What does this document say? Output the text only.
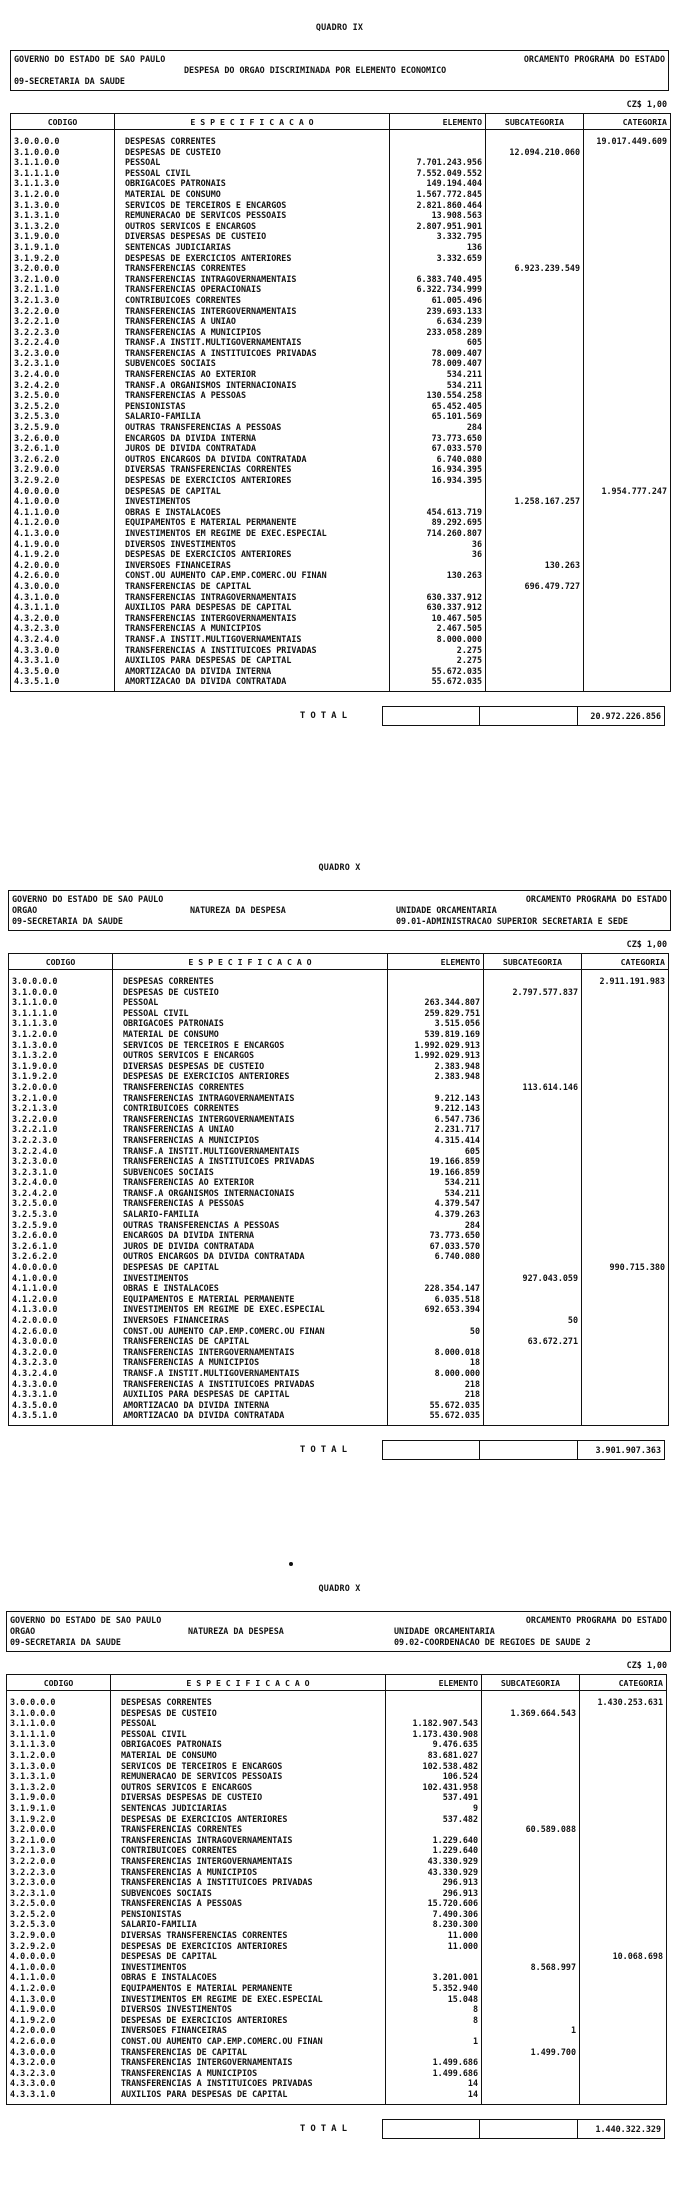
QUADRO IX
GOVERNO DO ESTADO DE SAO PAULO	ORCAMENTO PROGRAMA DO ESTADO
DESPESA DO ORGAO DISCRIMINADA POR ELEMENTO ECONOMICO
09-SECRETARIA DA SAUDE
CZ$ 1,00
CODIGO	E S P E C I F I C A C A O	ELEMENTO	SUBCATEGORIA	CATEGORIA
3.0.0.0.0	DESPESAS CORRENTES			19.017.449.609
3.1.0.0.0	DESPESAS DE CUSTEIO		12.094.210.060	
3.1.1.0.0	PESSOAL	7.701.243.956		
3.1.1.1.0	PESSOAL CIVIL	7.552.049.552		
3.1.1.3.0	OBRIGACOES PATRONAIS	149.194.404		
3.1.2.0.0	MATERIAL DE CONSUMO	1.567.772.845		
3.1.3.0.0	SERVICOS DE TERCEIROS E ENCARGOS	2.821.860.464		
3.1.3.1.0	REMUNERACAO DE SERVICOS PESSOAIS	13.908.563		
3.1.3.2.0	OUTROS SERVICOS E ENCARGOS	2.807.951.901		
3.1.9.0.0	DIVERSAS DESPESAS DE CUSTEIO	3.332.795		
3.1.9.1.0	SENTENCAS JUDICIARIAS	136		
3.1.9.2.0	DESPESAS DE EXERCICIOS ANTERIORES	3.332.659		
3.2.0.0.0	TRANSFERENCIAS CORRENTES		6.923.239.549	
3.2.1.0.0	TRANSFERENCIAS INTRAGOVERNAMENTAIS	6.383.740.495		
3.2.1.1.0	TRANSFERENCIAS OPERACIONAIS	6.322.734.999		
3.2.1.3.0	CONTRIBUICOES CORRENTES	61.005.496		
3.2.2.0.0	TRANSFERENCIAS INTERGOVERNAMENTAIS	239.693.133		
3.2.2.1.0	TRANSFERENCIAS A UNIAO	6.634.239		
3.2.2.3.0	TRANSFERENCIAS A MUNICIPIOS	233.058.289		
3.2.2.4.0	TRANSF.A INSTIT.MULTIGOVERNAMENTAIS	605		
3.2.3.0.0	TRANSFERENCIAS A INSTITUICOES PRIVADAS	78.009.407		
3.2.3.1.0	SUBVENCOES SOCIAIS	78.009.407		
3.2.4.0.0	TRANSFERENCIAS AO EXTERIOR	534.211		
3.2.4.2.0	TRANSF.A ORGANISMOS INTERNACIONAIS	534.211		
3.2.5.0.0	TRANSFERENCIAS A PESSOAS	130.554.258		
3.2.5.2.0	PENSIONISTAS	65.452.405		
3.2.5.3.0	SALARIO-FAMILIA	65.101.569		
3.2.5.9.0	OUTRAS TRANSFERENCIAS A PESSOAS	284		
3.2.6.0.0	ENCARGOS DA DIVIDA INTERNA	73.773.650		
3.2.6.1.0	JUROS DE DIVIDA CONTRATADA	67.033.570		
3.2.6.2.0	OUTROS ENCARGOS DA DIVIDA CONTRATADA	6.740.080		
3.2.9.0.0	DIVERSAS TRANSFERENCIAS CORRENTES	16.934.395		
3.2.9.2.0	DESPESAS DE EXERCICIOS ANTERIORES	16.934.395		
4.0.0.0.0	DESPESAS DE CAPITAL			1.954.777.247
4.1.0.0.0	INVESTIMENTOS		1.258.167.257	
4.1.1.0.0	OBRAS E INSTALACOES	454.613.719		
4.1.2.0.0	EQUIPAMENTOS E MATERIAL PERMANENTE	89.292.695		
4.1.3.0.0	INVESTIMENTOS EM REGIME DE EXEC.ESPECIAL	714.260.807		
4.1.9.0.0	DIVERSOS INVESTIMENTOS	36		
4.1.9.2.0	DESPESAS DE EXERCICIOS ANTERIORES	36		
4.2.0.0.0	INVERSOES FINANCEIRAS		130.263	
4.2.6.0.0	CONST.OU AUMENTO CAP.EMP.COMERC.OU FINAN	130.263		
4.3.0.0.0	TRANSFERENCIAS DE CAPITAL		696.479.727	
4.3.1.0.0	TRANSFERENCIAS INTRAGOVERNAMENTAIS	630.337.912		
4.3.1.1.0	AUXILIOS PARA DESPESAS DE CAPITAL	630.337.912		
4.3.2.0.0	TRANSFERENCIAS INTERGOVERNAMENTAIS	10.467.505		
4.3.2.3.0	TRANSFERENCIAS A MUNICIPIOS	2.467.505		
4.3.2.4.0	TRANSF.A INSTIT.MULTIGOVERNAMENTAIS	8.000.000		
4.3.3.0.0	TRANSFERENCIAS A INSTITUICOES PRIVADAS	2.275		
4.3.3.1.0	AUXILIOS PARA DESPESAS DE CAPITAL	2.275		
4.3.5.0.0	AMORTIZACAO DA DIVIDA INTERNA	55.672.035		
4.3.5.1.0	AMORTIZACAO DA DIVIDA CONTRATADA	55.672.035		
TOTAL	20.972.226.856
QUADRO X
GOVERNO DO ESTADO DE SAO PAULO	ORCAMENTO PROGRAMA DO ESTADO
ORGAO	NATUREZA DA DESPESA	UNIDADE ORCAMENTARIA
09-SECRETARIA DA SAUDE	09.01-ADMINISTRACAO SUPERIOR SECRETARIA E SEDE
CZ$ 1,00
CODIGO	E S P E C I F I C A C A O	ELEMENTO	SUBCATEGORIA	CATEGORIA
3.0.0.0.0	DESPESAS CORRENTES			2.911.191.983
3.1.0.0.0	DESPESAS DE CUSTEIO		2.797.577.837	
3.1.1.0.0	PESSOAL	263.344.807		
3.1.1.1.0	PESSOAL CIVIL	259.829.751		
3.1.1.3.0	OBRIGACOES PATRONAIS	3.515.056		
3.1.2.0.0	MATERIAL DE CONSUMO	539.819.169		
3.1.3.0.0	SERVICOS DE TERCEIROS E ENCARGOS	1.992.029.913		
3.1.3.2.0	OUTROS SERVICOS E ENCARGOS	1.992.029.913		
3.1.9.0.0	DIVERSAS DESPESAS DE CUSTEIO	2.383.948		
3.1.9.2.0	DESPESAS DE EXERCICIOS ANTERIORES	2.383.948		
3.2.0.0.0	TRANSFERENCIAS CORRENTES		113.614.146	
3.2.1.0.0	TRANSFERENCIAS INTRAGOVERNAMENTAIS	9.212.143		
3.2.1.3.0	CONTRIBUICOES CORRENTES	9.212.143		
3.2.2.0.0	TRANSFERENCIAS INTERGOVERNAMENTAIS	6.547.736		
3.2.2.1.0	TRANSFERENCIAS A UNIAO	2.231.717		
3.2.2.3.0	TRANSFERENCIAS A MUNICIPIOS	4.315.414		
3.2.2.4.0	TRANSF.A INSTIT.MULTIGOVERNAMENTAIS	605		
3.2.3.0.0	TRANSFERENCIAS A INSTITUICOES PRIVADAS	19.166.859		
3.2.3.1.0	SUBVENCOES SOCIAIS	19.166.859		
3.2.4.0.0	TRANSFERENCIAS AO EXTERIOR	534.211		
3.2.4.2.0	TRANSF.A ORGANISMOS INTERNACIONAIS	534.211		
3.2.5.0.0	TRANSFERENCIAS A PESSOAS	4.379.547		
3.2.5.3.0	SALARIO-FAMILIA	4.379.263		
3.2.5.9.0	OUTRAS TRANSFERENCIAS A PESSOAS	284		
3.2.6.0.0	ENCARGOS DA DIVIDA INTERNA	73.773.650		
3.2.6.1.0	JUROS DE DIVIDA CONTRATADA	67.033.570		
3.2.6.2.0	OUTROS ENCARGOS DA DIVIDA CONTRATADA	6.740.080		
4.0.0.0.0	DESPESAS DE CAPITAL			990.715.380
4.1.0.0.0	INVESTIMENTOS		927.043.059	
4.1.1.0.0	OBRAS E INSTALACOES	228.354.147		
4.1.2.0.0	EQUIPAMENTOS E MATERIAL PERMANENTE	6.035.518		
4.1.3.0.0	INVESTIMENTOS EM REGIME DE EXEC.ESPECIAL	692.653.394		
4.2.0.0.0	INVERSOES FINANCEIRAS		50	
4.2.6.0.0	CONST.OU AUMENTO CAP.EMP.COMERC.OU FINAN	50		
4.3.0.0.0	TRANSFERENCIAS DE CAPITAL		63.672.271	
4.3.2.0.0	TRANSFERENCIAS INTERGOVERNAMENTAIS	8.000.018		
4.3.2.3.0	TRANSFERENCIAS A MUNICIPIOS	18		
4.3.2.4.0	TRANSF.A INSTIT.MULTIGOVERNAMENTAIS	8.000.000		
4.3.3.0.0	TRANSFERENCIAS A INSTITUICOES PRIVADAS	218		
4.3.3.1.0	AUXILIOS PARA DESPESAS DE CAPITAL	218		
4.3.5.0.0	AMORTIZACAO DA DIVIDA INTERNA	55.672.035		
4.3.5.1.0	AMORTIZACAO DA DIVIDA CONTRATADA	55.672.035		
TOTAL	3.901.907.363
QUADRO X
GOVERNO DO ESTADO DE SAO PAULO	ORCAMENTO PROGRAMA DO ESTADO
ORGAO	NATUREZA DA DESPESA	UNIDADE ORCAMENTARIA
09-SECRETARIA DA SAUDE	09.02-COORDENACAO DE REGIOES DE SAUDE 2
CZ$ 1,00
CODIGO	E S P E C I F I C A C A O	ELEMENTO	SUBCATEGORIA	CATEGORIA
3.0.0.0.0	DESPESAS CORRENTES			1.430.253.631
3.1.0.0.0	DESPESAS DE CUSTEIO		1.369.664.543	
3.1.1.0.0	PESSOAL	1.182.907.543		
3.1.1.1.0	PESSOAL CIVIL	1.173.430.908		
3.1.1.3.0	OBRIGACOES PATRONAIS	9.476.635		
3.1.2.0.0	MATERIAL DE CONSUMO	83.681.027		
3.1.3.0.0	SERVICOS DE TERCEIROS E ENCARGOS	102.538.482		
3.1.3.1.0	REMUNERACAO DE SERVICOS PESSOAIS	106.524		
3.1.3.2.0	OUTROS SERVICOS E ENCARGOS	102.431.958		
3.1.9.0.0	DIVERSAS DESPESAS DE CUSTEIO	537.491		
3.1.9.1.0	SENTENCAS JUDICIARIAS	9		
3.1.9.2.0	DESPESAS DE EXERCICIOS ANTERIORES	537.482		
3.2.0.0.0	TRANSFERENCIAS CORRENTES		60.589.088	
3.2.1.0.0	TRANSFERENCIAS INTRAGOVERNAMENTAIS	1.229.640		
3.2.1.3.0	CONTRIBUICOES CORRENTES	1.229.640		
3.2.2.0.0	TRANSFERENCIAS INTERGOVERNAMENTAIS	43.330.929		
3.2.2.3.0	TRANSFERENCIAS A MUNICIPIOS	43.330.929		
3.2.3.0.0	TRANSFERENCIAS A INSTITUICOES PRIVADAS	296.913		
3.2.3.1.0	SUBVENCOES SOCIAIS	296.913		
3.2.5.0.0	TRANSFERENCIAS A PESSOAS	15.720.606		
3.2.5.2.0	PENSIONISTAS	7.490.306		
3.2.5.3.0	SALARIO-FAMILIA	8.230.300		
3.2.9.0.0	DIVERSAS TRANSFERENCIAS CORRENTES	11.000		
3.2.9.2.0	DESPESAS DE EXERCICIOS ANTERIORES	11.000		
4.0.0.0.0	DESPESAS DE CAPITAL			10.068.698
4.1.0.0.0	INVESTIMENTOS		8.568.997	
4.1.1.0.0	OBRAS E INSTALACOES	3.201.001		
4.1.2.0.0	EQUIPAMENTOS E MATERIAL PERMANENTE	5.352.940		
4.1.3.0.0	INVESTIMENTOS EM REGIME DE EXEC.ESPECIAL	15.048		
4.1.9.0.0	DIVERSOS INVESTIMENTOS	8		
4.1.9.2.0	DESPESAS DE EXERCICIOS ANTERIORES	8		
4.2.0.0.0	INVERSOES FINANCEIRAS		1	
4.2.6.0.0	CONST.OU AUMENTO CAP.EMP.COMERC.OU FINAN	1		
4.3.0.0.0	TRANSFERENCIAS DE CAPITAL		1.499.700	
4.3.2.0.0	TRANSFERENCIAS INTERGOVERNAMENTAIS	1.499.686		
4.3.2.3.0	TRANSFERENCIAS A MUNICIPIOS	1.499.686		
4.3.3.0.0	TRANSFERENCIAS A INSTITUICOES PRIVADAS	14		
4.3.3.1.0	AUXILIOS PARA DESPESAS DE CAPITAL	14		
TOTAL	1.440.322.329
